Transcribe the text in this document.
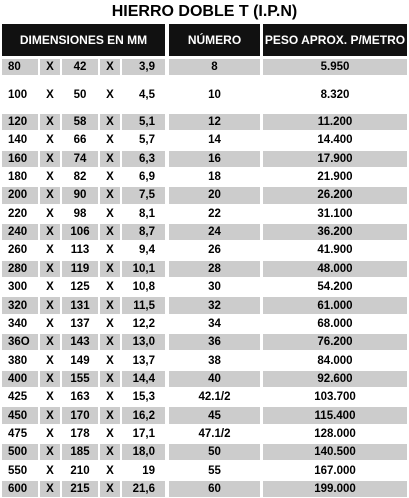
HIERRO DOBLE T (I.P.N)
DIMENSIONES EN MM	NÚMERO	PESO APROX. P/METRO
80	X	42	X	3,9	8	5.950
100	X	50	X	4,5	10	8.320
120	X	58	X	5,1	12	11.200
140	X	66	X	5,7	14	14.400
160	X	74	X	6,3	16	17.900
180	X	82	X	6,9	18	21.900
200	X	90	X	7,5	20	26.200
220	X	98	X	8,1	22	31.100
240	X	106	X	8,7	24	36.200
260	X	113	X	9,4	26	41.900
280	X	119	X	10,1	28	48.000
300	X	125	X	10,8	30	54.200
320	X	131	X	11,5	32	61.000
340	X	137	X	12,2	34	68.000
36O	X	143	X	13,0	36	76.200
380	X	149	X	13,7	38	84.000
400	X	155	X	14,4	40	92.600
425	X	163	X	15,3	42.1/2	103.700
450	X	170	X	16,2	45	115.400
475	X	178	X	17,1	47.1/2	128.000
500	X	185	X	18,0	50	140.500
550	X	210	X	19	55	167.000
600	X	215	X	21,6	60	199.000
